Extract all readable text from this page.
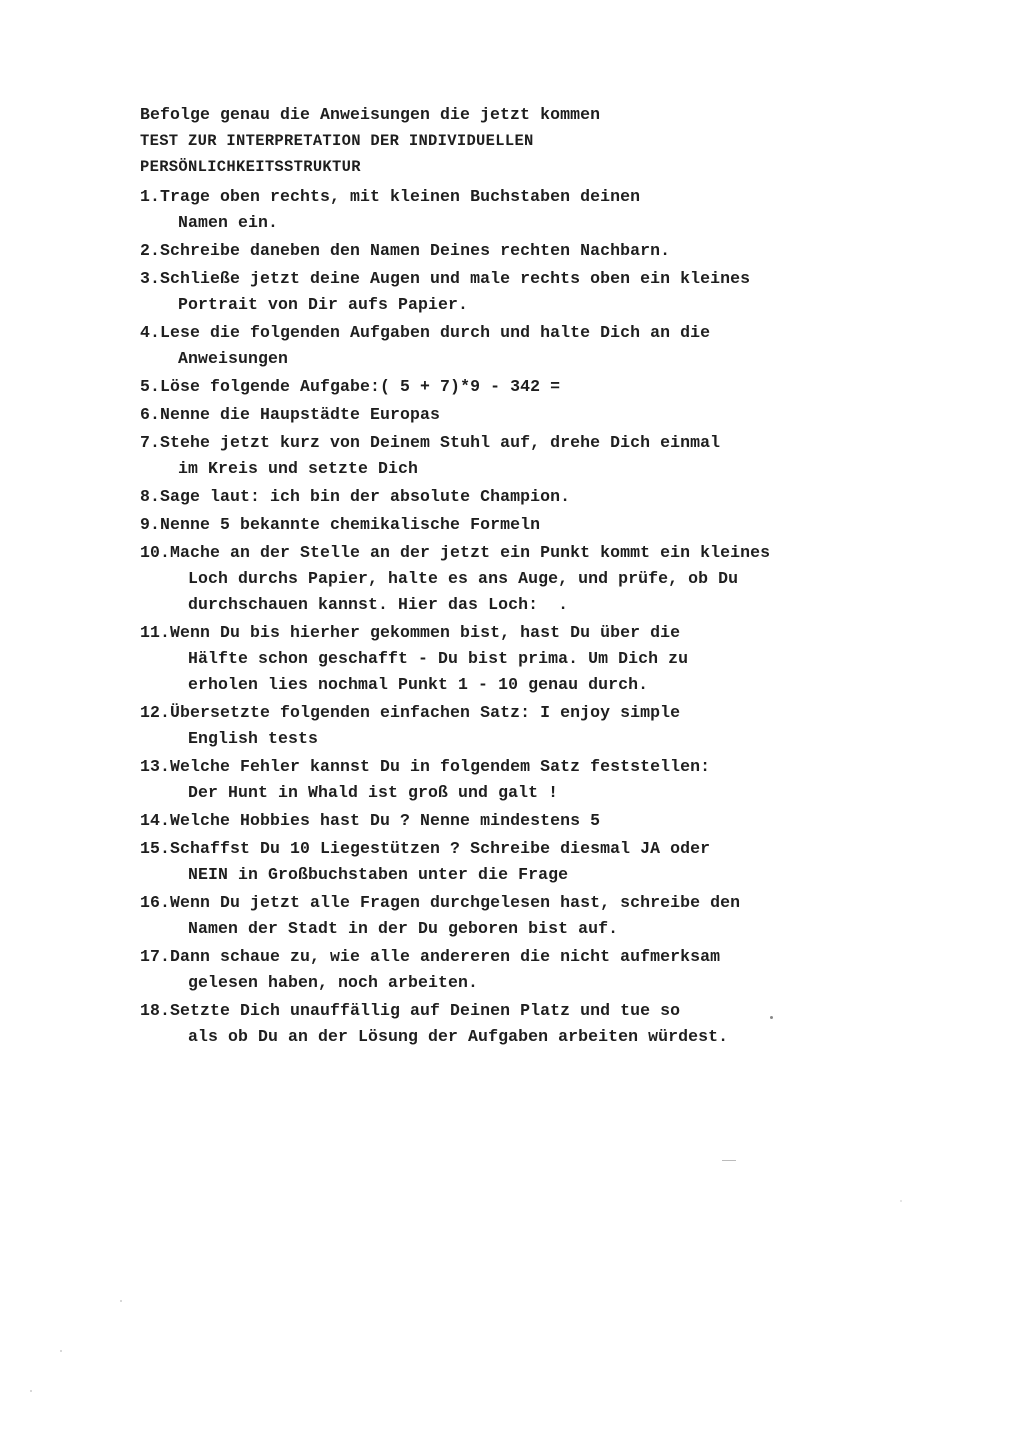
Befolge genau die Anweisungen die jetzt kommen

TEST ZUR INTERPRETATION DER INDIVIDUELLEN

PERSÖNLICHKEITSSTRUKTUR

1. Trage oben rechts, mit kleinen Buchstaben deinen
Namen ein.
2. Schreibe daneben den Namen Deines rechten Nachbarn.
3. Schließe jetzt deine Augen und male rechts oben ein kleines
Portrait von Dir aufs Papier.
4. Lese die folgenden Aufgaben durch und halte Dich an die
Anweisungen
5. Löse folgende Aufgabe:( 5 + 7)*9 - 342 =
6. Nenne die Haupstädte Europas
7. Stehe jetzt kurz von Deinem Stuhl auf, drehe Dich einmal
im Kreis und setzte Dich
8. Sage laut: ich bin der absolute Champion.
9. Nenne 5 bekannte chemikalische Formeln
10. Mache an der Stelle an der jetzt ein Punkt kommt ein kleines
Loch durchs Papier, halte es ans Auge, und prüfe, ob Du
durchschauen kannst. Hier das Loch:  .
11. Wenn Du bis hierher gekommen bist, hast Du über die
Hälfte schon geschafft - Du bist prima. Um Dich zu
erholen lies nochmal Punkt 1 - 10 genau durch.
12. Übersetzte folgenden einfachen Satz: I enjoy simple
English tests
13. Welche Fehler kannst Du in folgendem Satz feststellen:
Der Hunt in Whald ist groß und galt !
14. Welche Hobbies hast Du ? Nenne mindestens 5
15. Schaffst Du 10 Liegestützen ? Schreibe diesmal JA oder
NEIN in Großbuchstaben unter die Frage
16. Wenn Du jetzt alle Fragen durchgelesen hast, schreibe den
Namen der Stadt in der Du geboren bist auf.
17. Dann schaue zu, wie alle andereren die nicht aufmerksam
gelesen haben, noch arbeiten.
18. Setzte Dich unauffällig auf Deinen Platz und tue so
als ob Du an der Lösung der Aufgaben arbeiten würdest.
